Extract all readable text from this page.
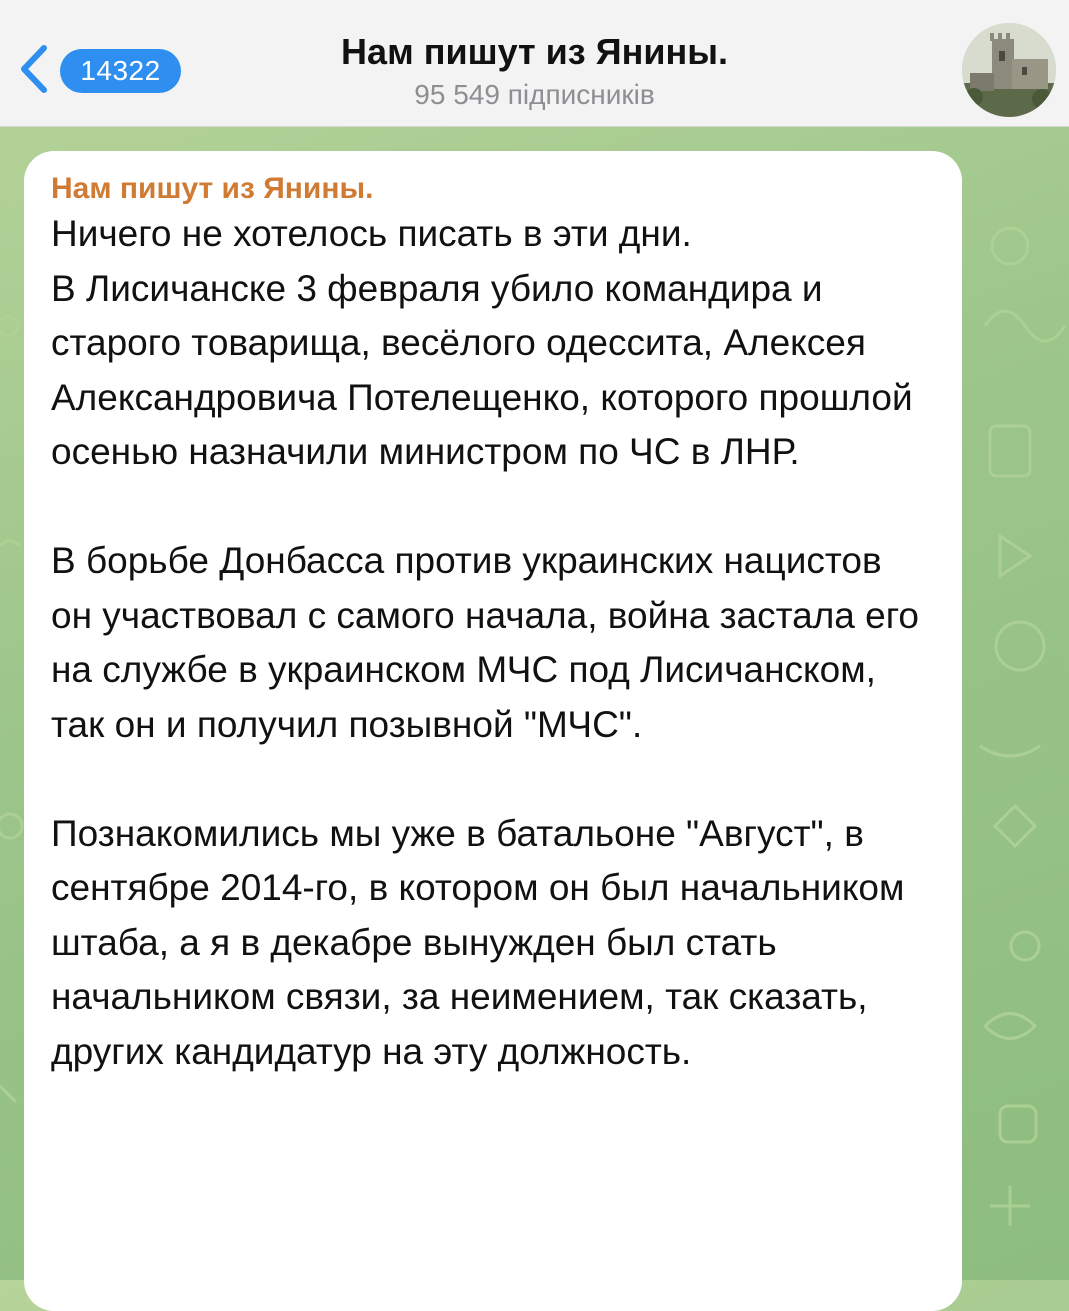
14322	Нам пишут из Янины.
95 549 підписників
Нам пишут из Янины.
Ничего не хотелось писать в эти дни.
В Лисичанске 3 февраля убило командира и старого товарища, весёлого одессита, Алексея Александровича Потелещенко, которого прошлой осенью назначили министром по ЧС в ЛНР.

В борьбе Донбасса против украинских нацистов он участвовал с самого начала, война застала его на службе в украинском МЧС под Лисичанском, так он и получил позывной "МЧС".

Познакомились мы уже в батальоне "Август", в сентябре 2014-го, в котором он был начальником штаба, а я в декабре вынужден был стать начальником связи, за неимением, так сказать, других кандидатур на эту должность.
